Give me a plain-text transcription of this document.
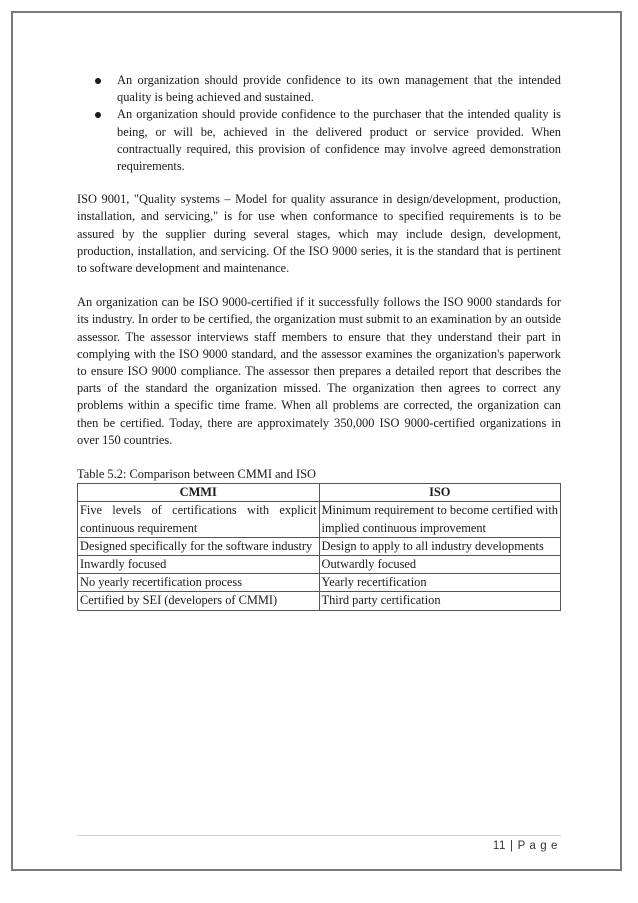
An organization should provide confidence to its own management that the intended quality is being achieved and sustained.
An organization should provide confidence to the purchaser that the intended quality is being, or will be, achieved in the delivered product or service provided. When contractually required, this provision of confidence may involve agreed demonstration requirements.

ISO 9001, "Quality systems – Model for quality assurance in design/development, production, installation, and servicing," is for use when conformance to specified requirements is to be assured by the supplier during several stages, which may include design, development, production, installation, and servicing. Of the ISO 9000 series, it is the standard that is pertinent to software development and maintenance.

An organization can be ISO 9000-certified if it successfully follows the ISO 9000 standards for its industry. In order to be certified, the organization must submit to an examination by an outside assessor. The assessor interviews staff members to ensure that they understand their part in complying with the ISO 9000 standard, and the assessor examines the organization's paperwork to ensure ISO 9000 compliance. The assessor then prepares a detailed report that describes the parts of the standard the organization missed. The organization then agrees to correct any problems within a specific time frame. When all problems are corrected, the organization can then be certified. Today, there are approximately 350,000 ISO 9000-certified organizations in over 150 countries.

Table 5.2: Comparison between CMMI and ISO

CMMI	ISO
Five levels of certifications with explicit continuous requirement	Minimum requirement to become certified with implied continuous improvement
Designed specifically for the software industry	Design to apply to all industry developments
Inwardly focused	Outwardly focused
No yearly recertification process	Yearly recertification
Certified by SEI (developers of CMMI)	Third party certification
11 | P a g e
